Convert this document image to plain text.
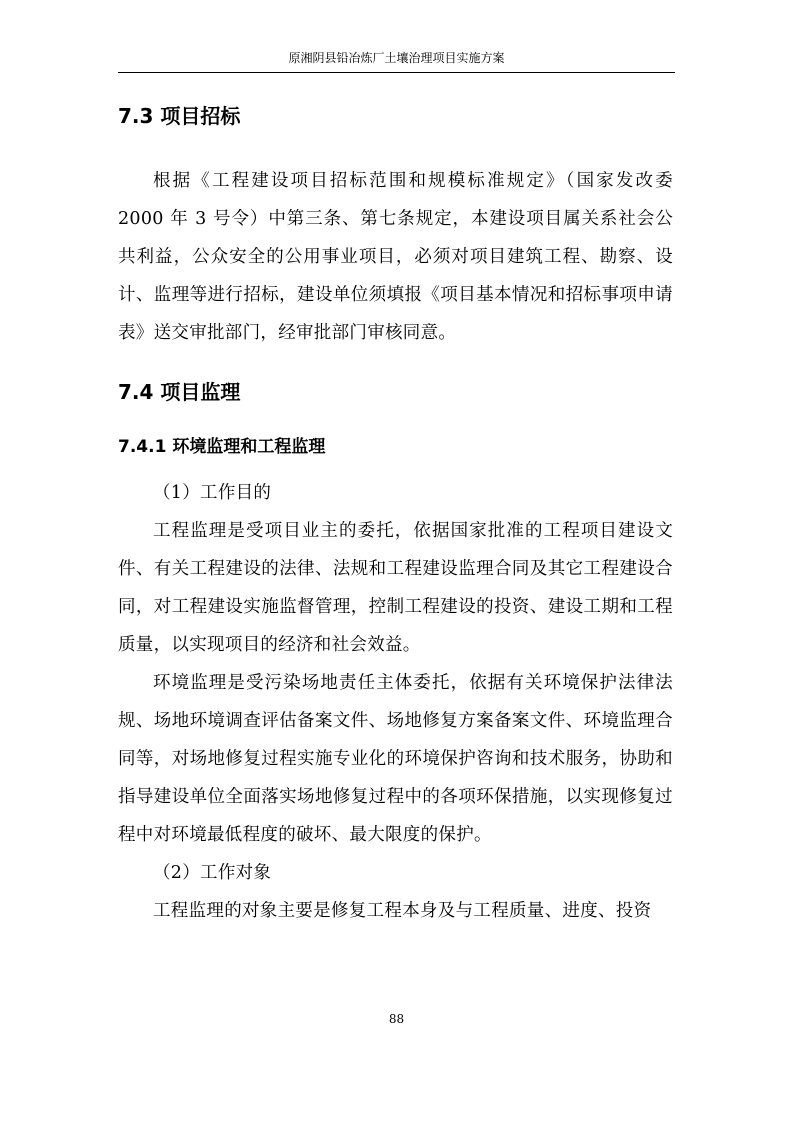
原湘阴县铅冶炼厂土壤治理项目实施方案
7.3 项目招标

根据《工程建设项目招标范围和规模标准规定》（国家发改委 2000 年 3 号令）中第三条、第七条规定，本建设项目属关系社会公共利益，公众安全的公用事业项目，必须对项目建筑工程、勘察、设计、监理等进行招标，建设单位须填报《项目基本情况和招标事项申请表》送交审批部门，经审批部门审核同意。

7.4 项目监理
7.4.1 环境监理和工程监理

（1）工作目的

工程监理是受项目业主的委托，依据国家批准的工程项目建设文件、有关工程建设的法律、法规和工程建设监理合同及其它工程建设合同，对工程建设实施监督管理，控制工程建设的投资、建设工期和工程质量，以实现项目的经济和社会效益。

环境监理是受污染场地责任主体委托，依据有关环境保护法律法规、场地环境调查评估备案文件、场地修复方案备案文件、环境监理合同等，对场地修复过程实施专业化的环境保护咨询和技术服务，协助和指导建设单位全面落实场地修复过程中的各项环保措施，以实现修复过程中对环境最低程度的破坏、最大限度的保护。

（2）工作对象

工程监理的对象主要是修复工程本身及与工程质量、进度、投资

88
